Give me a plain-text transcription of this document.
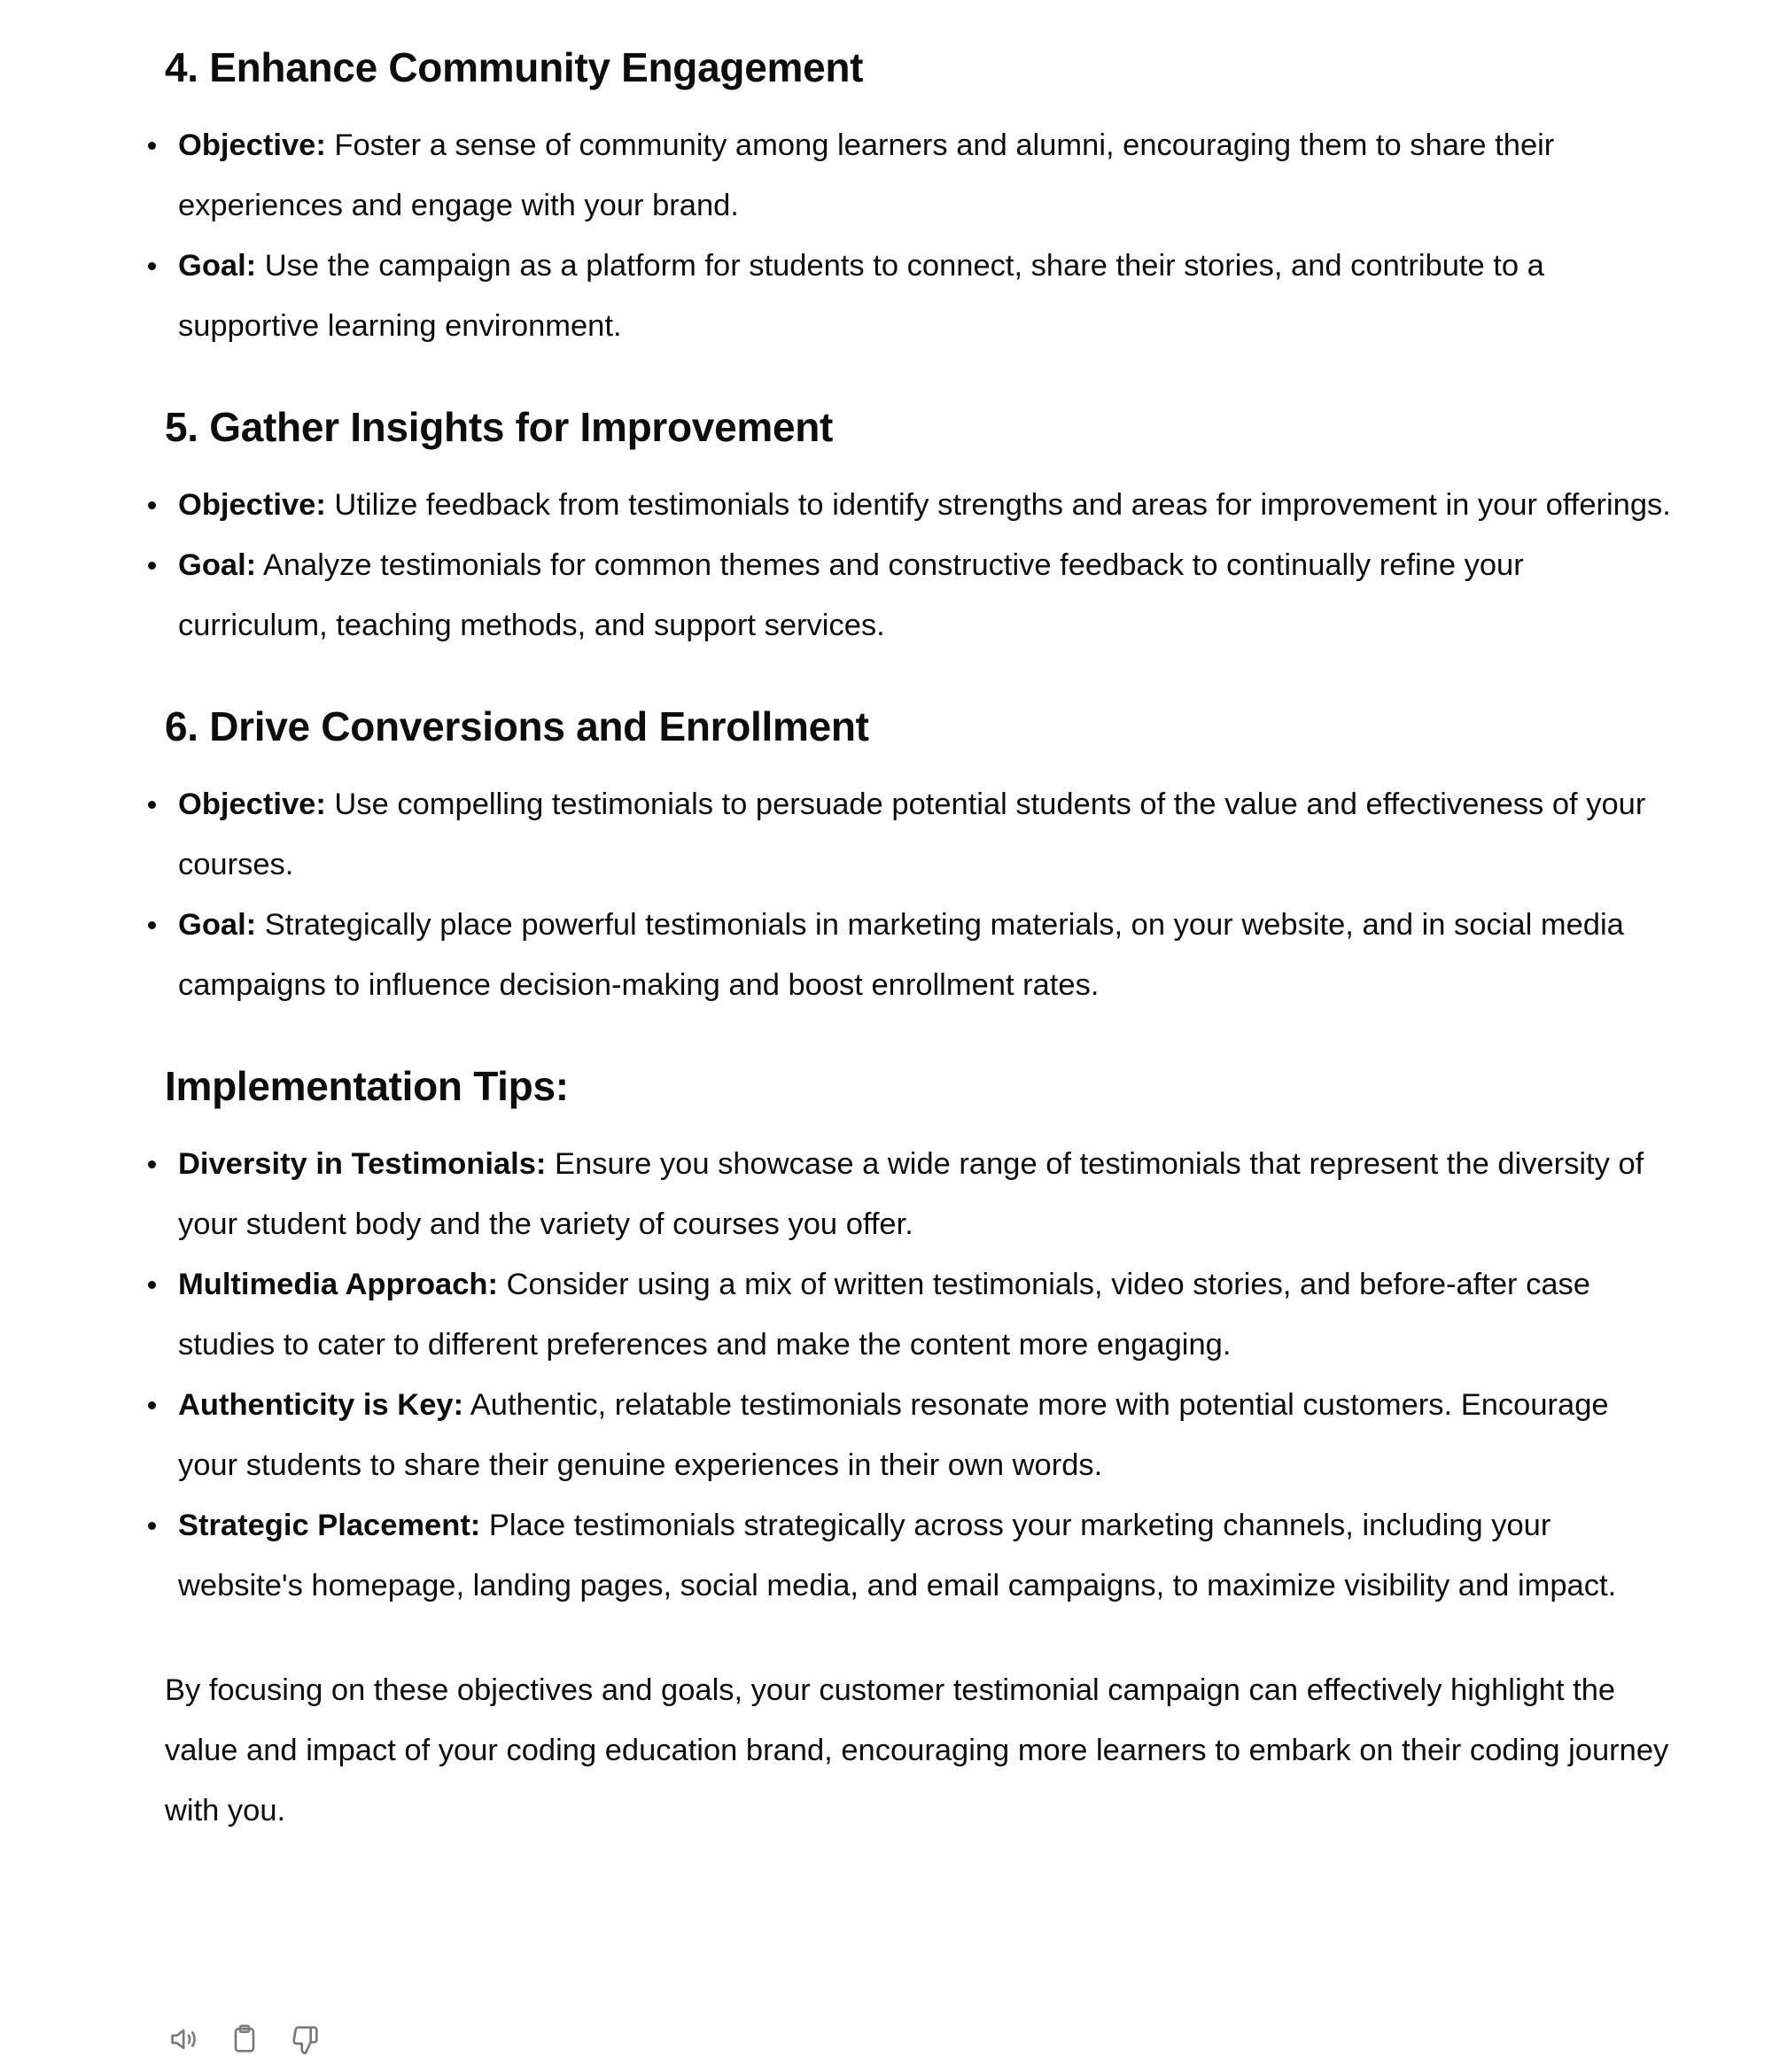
4. Enhance Community Engagement
Objective: Foster a sense of community among learners and alumni, encouraging them to share their experiences and engage with your brand.
Goal: Use the campaign as a platform for students to connect, share their stories, and contribute to a supportive learning environment.
5. Gather Insights for Improvement
Objective: Utilize feedback from testimonials to identify strengths and areas for improvement in your offerings.
Goal: Analyze testimonials for common themes and constructive feedback to continually refine your curriculum, teaching methods, and support services.
6. Drive Conversions and Enrollment
Objective: Use compelling testimonials to persuade potential students of the value and effectiveness of your courses.
Goal: Strategically place powerful testimonials in marketing materials, on your website, and in social media campaigns to influence decision-making and boost enrollment rates.
Implementation Tips:
Diversity in Testimonials: Ensure you showcase a wide range of testimonials that represent the diversity of your student body and the variety of courses you offer.
Multimedia Approach: Consider using a mix of written testimonials, video stories, and before-after case studies to cater to different preferences and make the content more engaging.
Authenticity is Key: Authentic, relatable testimonials resonate more with potential customers. Encourage your students to share their genuine experiences in their own words.
Strategic Placement: Place testimonials strategically across your marketing channels, including your website's homepage, landing pages, social media, and email campaigns, to maximize visibility and impact.

By focusing on these objectives and goals, your customer testimonial campaign can effectively highlight the value and impact of your coding education brand, encouraging more learners to embark on their coding journey with you.
